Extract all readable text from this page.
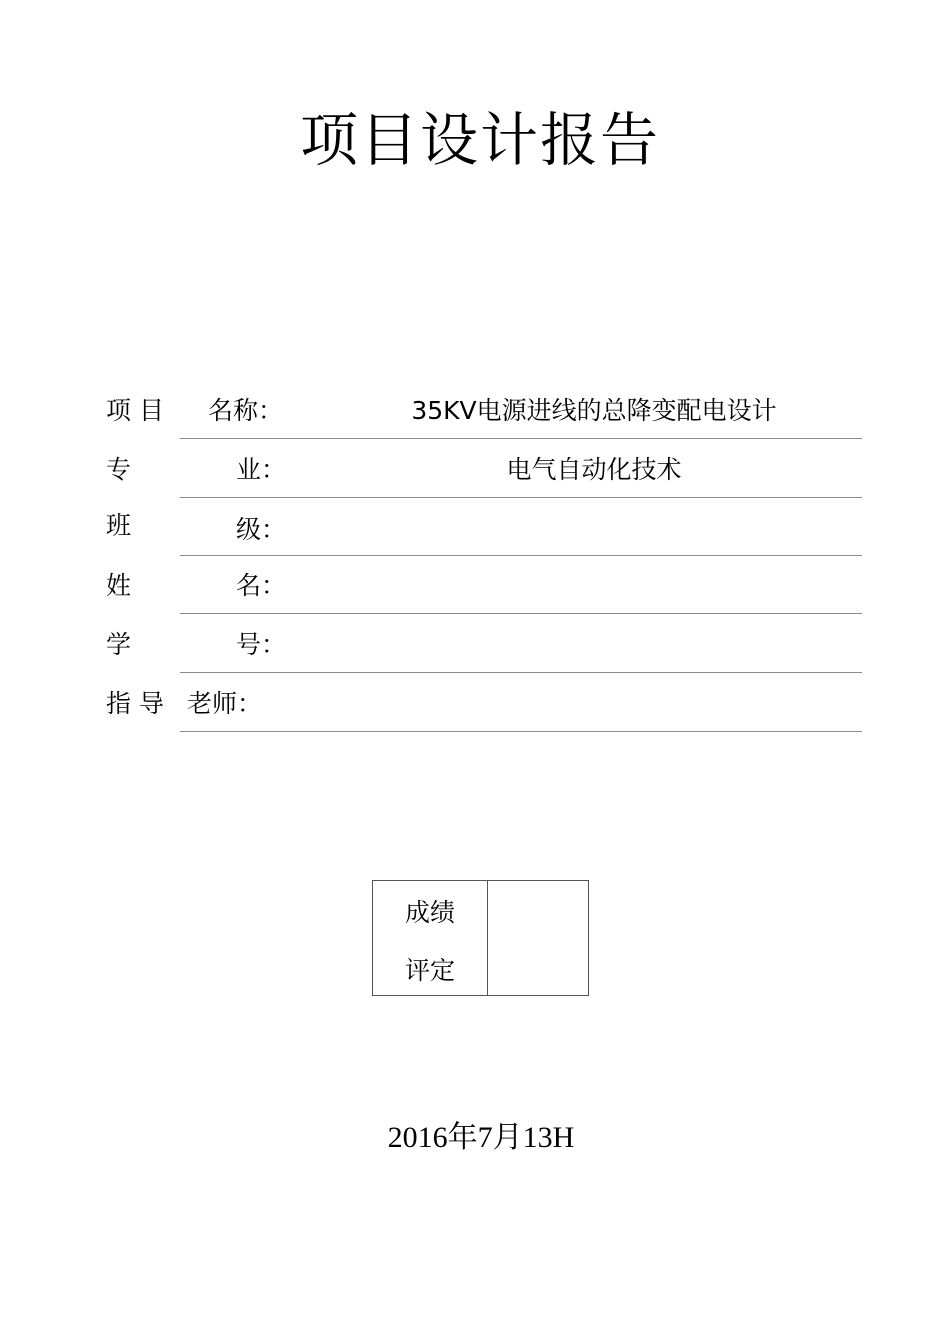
项目设计报告
项 目 名称：	35KV电源进线的总降变配电设计
专	业：	电气自动化技术
班	级：
姓	名：
学	号：
指 导 老师：
成绩
评定
2016年7月13H
